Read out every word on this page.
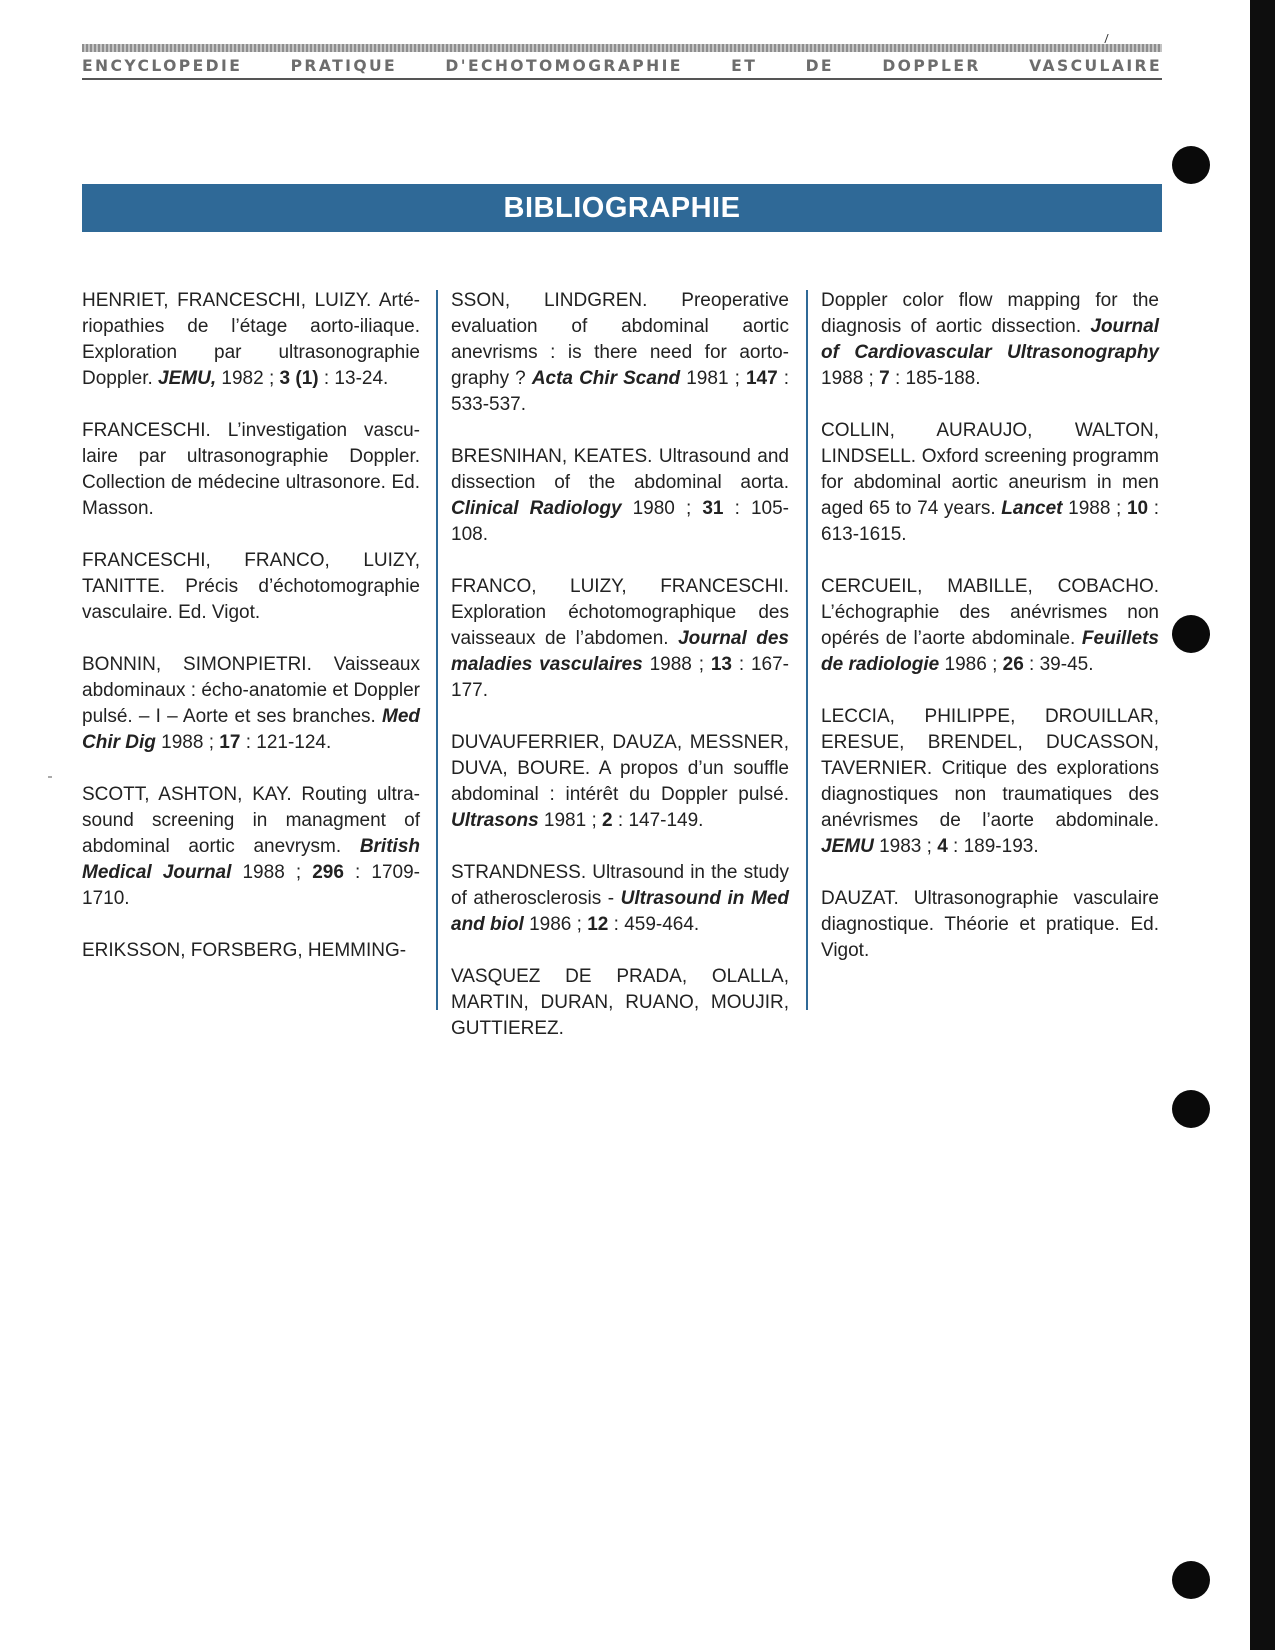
ENCYCLOPEDIE PRATIQUE D'ECHOTOMOGRAPHIE ET DE DOPPLER VASCULAIRE
BIBLIOGRAPHIE

HENRIET, FRANCESCHI, LUIZY. Artériopathies de l’étage aorto-iliaque. Exploration par ultrasonographie Doppler. JEMU, 1982 ; 3 (1) : 13-24.

FRANCESCHI. L’investigation vasculaire par ultrasonographie Doppler. Collection de médecine ultrasonore. Ed. Masson.

FRANCESCHI, FRANCO, LUIZY, TANITTE. Précis d’échotomographie vasculaire. Ed. Vigot.

BONNIN, SIMONPIETRI. Vaisseaux abdominaux : écho-anatomie et Doppler pulsé. – I – Aorte et ses branches. Med Chir Dig 1988 ; 17 : 121-124.

SCOTT, ASHTON, KAY. Routing ultrasound screening in managment of abdominal aortic anevrysm. British Medical Journal 1988 ; 296 : 1709-1710.

ERIKSSON, FORSBERG, HEMMING-

SSON, LINDGREN. Preoperative evaluation of abdominal aortic anevrisms : is there need for aortography ? Acta Chir Scand 1981 ; 147 : 533-537.

BRESNIHAN, KEATES. Ultrasound and dissection of the abdominal aorta. Clinical Radiology 1980 ; 31 : 105-108.

FRANCO, LUIZY, FRANCESCHI. Exploration échotomographique des vaisseaux de l’abdomen. Journal des maladies vasculaires 1988 ; 13 : 167-177.

DUVAUFERRIER, DAUZA, MESSNER, DUVA, BOURE. A propos d’un souffle abdominal : intérêt du Doppler pulsé. Ultrasons 1981 ; 2 : 147-149.

STRANDNESS. Ultrasound in the study of atherosclerosis - Ultrasound in Med and biol 1986 ; 12 : 459-464.

VASQUEZ DE PRADA, OLALLA, MARTIN, DURAN, RUANO, MOUJIR, GUTTIEREZ.

Doppler color flow mapping for the diagnosis of aortic dissection. Journal of Cardiovascular Ultrasonography 1988 ; 7 : 185-188.

COLLIN, AURAUJO, WALTON, LINDSELL. Oxford screening programm for abdominal aortic aneurism in men aged 65 to 74 years. Lancet 1988 ; 10 : 613-1615.

CERCUEIL, MABILLE, COBACHO. L’échographie des anévrismes non opérés de l’aorte abdominale. Feuillets de radiologie 1986 ; 26 : 39-45.

LECCIA, PHILIPPE, DROUILLAR, ERESUE, BRENDEL, DUCASSON, TAVERNIER. Critique des explorations diagnostiques non traumatiques des anévrismes de l’aorte abdominale. JEMU 1983 ; 4 : 189-193.

DAUZAT. Ultrasonographie vasculaire diagnostique. Théorie et pratique. Ed. Vigot.
